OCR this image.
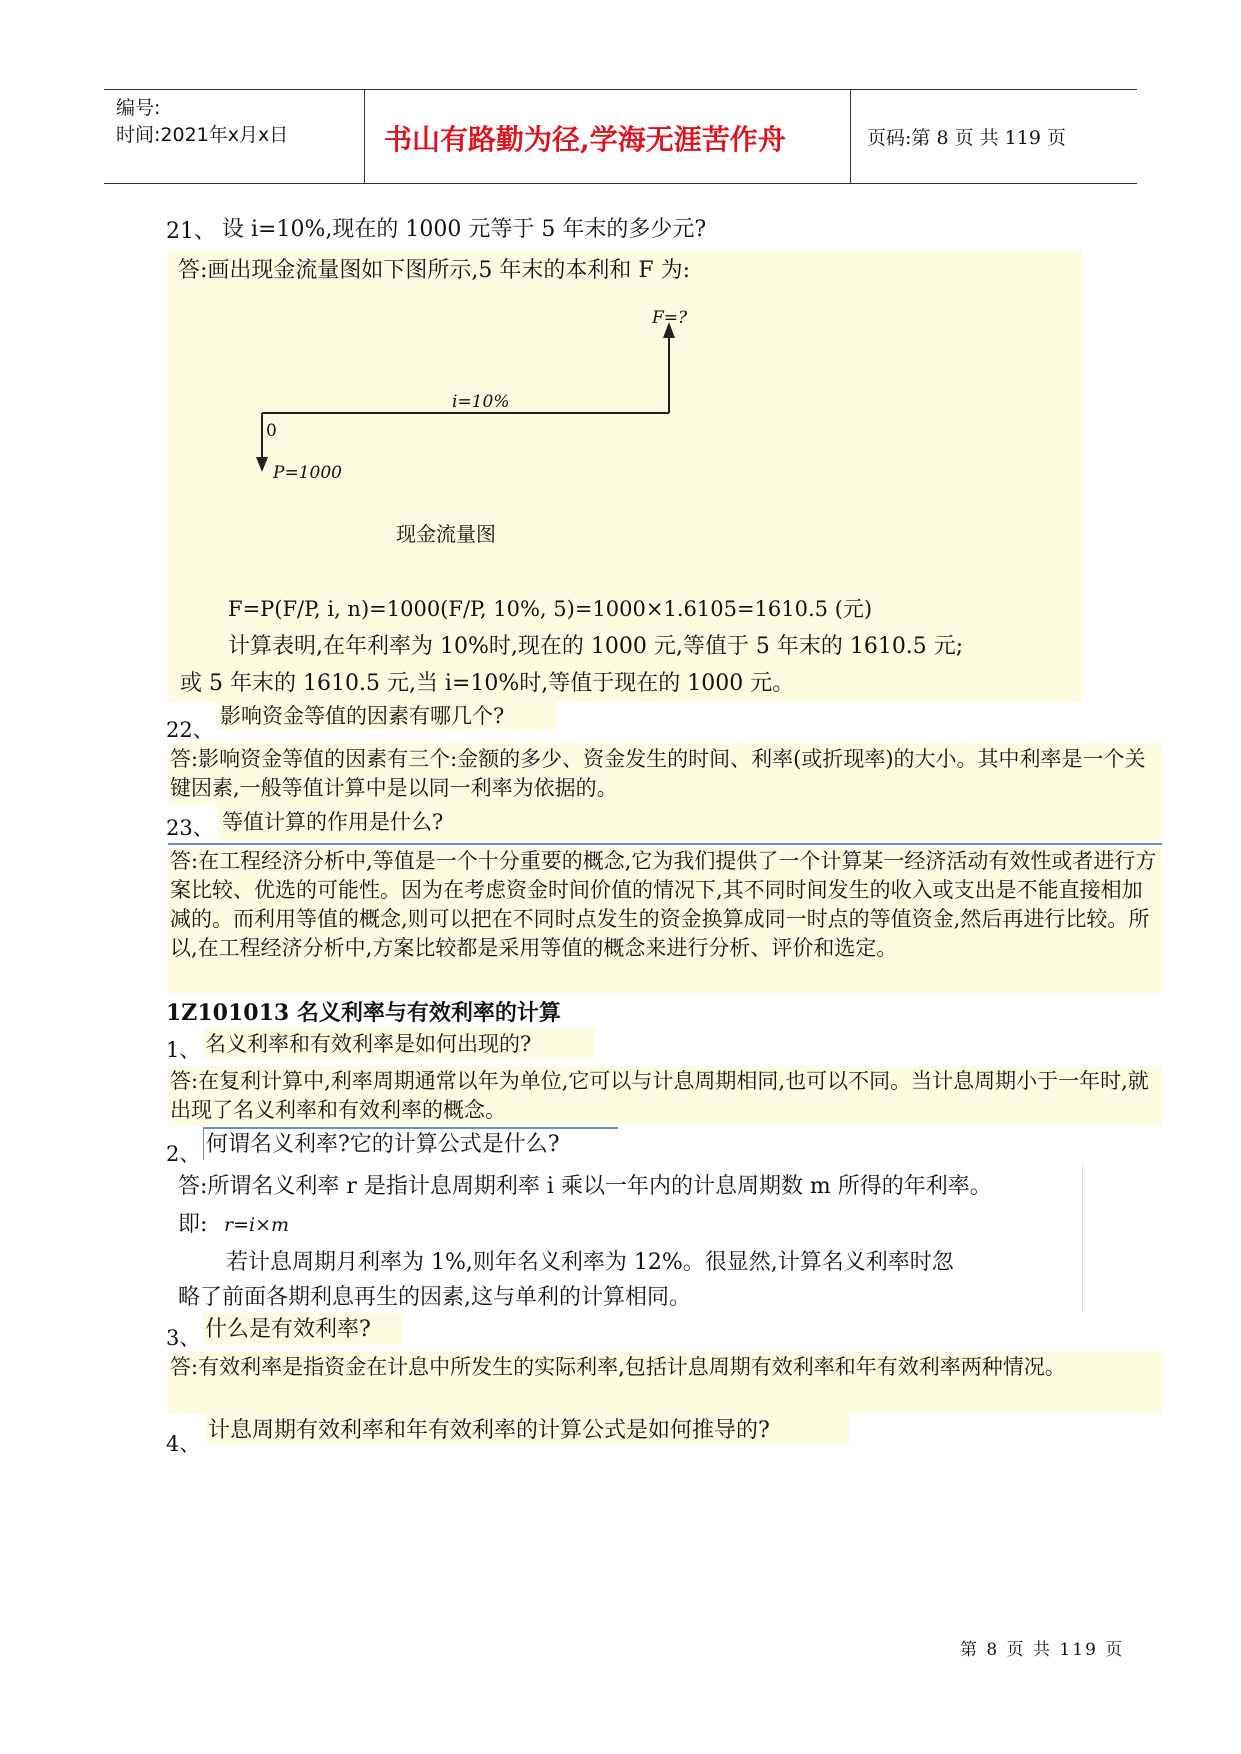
编号:
时间:2021年x月x日	书山有路勤为径,学海无涯苦作舟	页码:第 8 页 共 119 页
21、 设 i=10%,现在的 1000 元等于 5 年末的多少元?
答:画出现金流量图如下图所示,5 年末的本利和 F 为:
F=?
i=10%
0
P=1000
现金流量图
F=P(F/P, i, n)=1000(F/P, 10%, 5)=1000×1.6105=1610.5 (元)
计算表明,在年利率为 10%时,现在的 1000 元,等值于 5 年末的 1610.5 元;
或 5 年末的 1610.5 元,当 i=10%时,等值于现在的 1000 元。
22、
影响资金等值的因素有哪几个?
答:影响资金等值的因素有三个:金额的多少、资金发生的时间、利率(或折现率)的大小。其中利率是一个关键因素,一般等值计算中是以同一利率为依据的。
23、 等值计算的作用是什么?
答:在工程经济分析中,等值是一个十分重要的概念,它为我们提供了一个计算某一经济活动有效性或者进行方案比较、优选的可能性。因为在考虑资金时间价值的情况下,其不同时间发生的收入或支出是不能直接相加减的。而利用等值的概念,则可以把在不同时点发生的资金换算成同一时点的等值资金,然后再进行比较。所以,在工程经济分析中,方案比较都是采用等值的概念来进行分析、评价和选定。
1Z101013 名义利率与有效利率的计算
1、 名义利率和有效利率是如何出现的?
答:在复利计算中,利率周期通常以年为单位,它可以与计息周期相同,也可以不同。当计息周期小于一年时,就出现了名义利率和有效利率的概念。
2、 何谓名义利率?它的计算公式是什么?
答:所谓名义利率 r 是指计息周期利率 i 乘以一年内的计息周期数 m 所得的年利率。
即: r=i×m
若计息周期月利率为 1%,则年名义利率为 12%。很显然,计算名义利率时忽
略了前面各期利息再生的因素,这与单利的计算相同。
3、 什么是有效利率?
答:有效利率是指资金在计息中所发生的实际利率,包括计息周期有效利率和年有效利率两种情况。
4、
计息周期有效利率和年有效利率的计算公式是如何推导的?
第 8 页 共 119 页
